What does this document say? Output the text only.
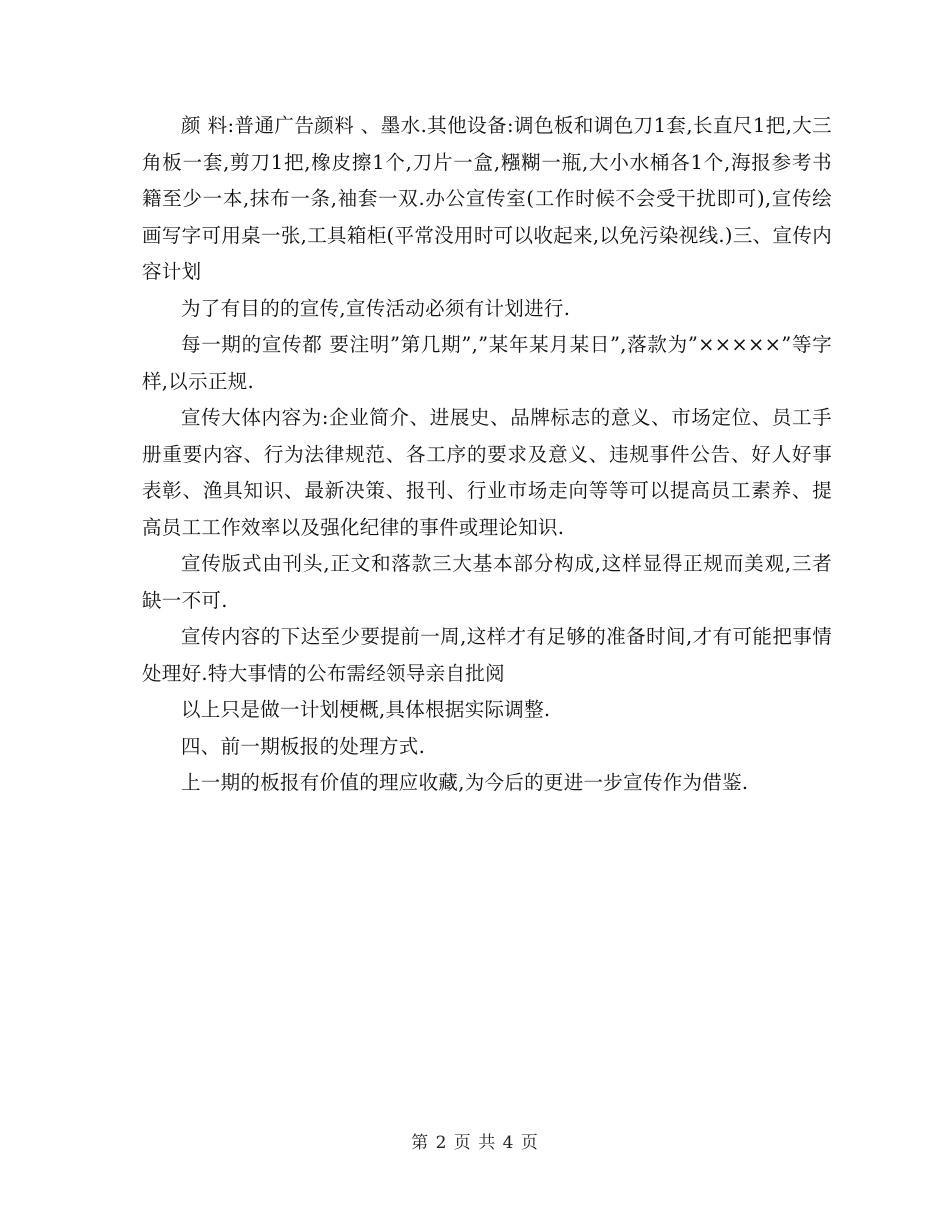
颜 料:普通广告颜料 、墨水.其他设备:调色板和调色刀1套,长直尺1把,大三角板一套,剪刀1把,橡皮擦1个,刀片一盒,糨糊一瓶,大小水桶各1个,海报参考书籍至少一本,抹布一条,袖套一双.办公宣传室(工作时候不会受干扰即可),宣传绘画写字可用桌一张,工具箱柜(平常没用时可以收起来,以免污染视线.)三、宣传内容计划

为了有目的的宣传,宣传活动必须有计划进行.

每一期的宣传都 要注明”第几期”,”某年某月某日”,落款为”×××××”等字样,以示正规.

宣传大体内容为:企业简介、进展史、品牌标志的意义、市场定位、员工手册重要内容、行为法律规范、各工序的要求及意义、违规事件公告、好人好事表彰、渔具知识、最新决策、报刊、行业市场走向等等可以提高员工素养、提高员工工作效率以及强化纪律的事件或理论知识.

宣传版式由刊头,正文和落款三大基本部分构成,这样显得正规而美观,三者缺一不可.

宣传内容的下达至少要提前一周,这样才有足够的准备时间,才有可能把事情处理好.特大事情的公布需经领导亲自批阅

以上只是做一计划梗概,具体根据实际调整.

四、前一期板报的处理方式.

上一期的板报有价值的理应收藏,为今后的更进一步宣传作为借鉴.

第 2 页 共 4 页
